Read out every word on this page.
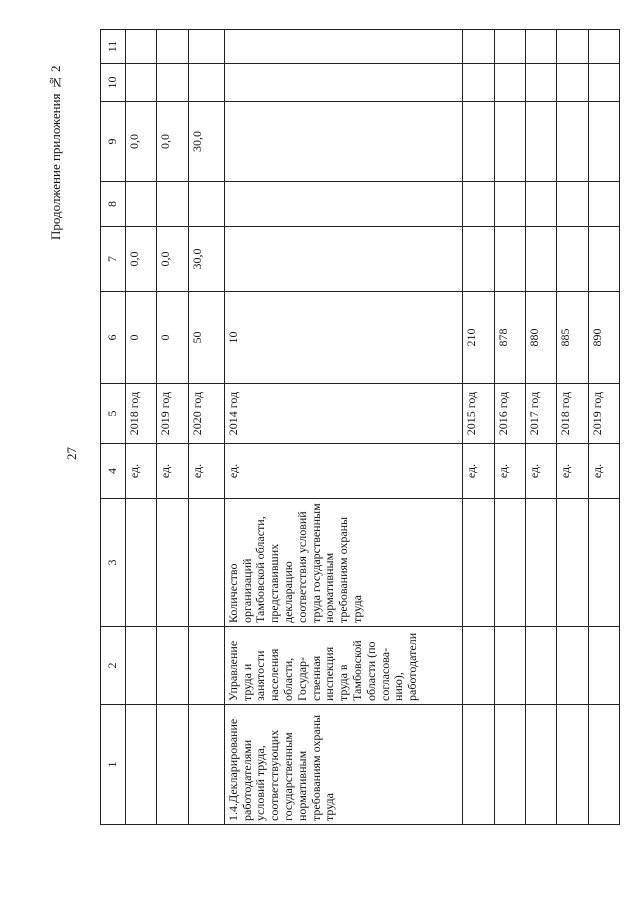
27
Продолжение приложения № 2
1	2	3	4	5	6	7	8	9	10	11
			ед.	2018 год	0	0,0		0,0		
			ед.	2019 год	0	0,0		0,0		
			ед.	2020 год	50	30,0		30,0		
1.4.Декларирование работодателями условий труда, соответствующих государственным нормативным требованиям охраны труда	Управление труда и занятости населения области, Государ-ственная инспекция труда в Тамбовской области (по согласова-нию), работодатели	Количество организаций Тамбовской области, представивших декларацию соответствия условий труда государственным нормативным требованиям охраны труда	ед.	2014 год	10					
			ед.	2015 год	210					
			ед.	2016 год	878					
			ед.	2017 год	880					
			ед.	2018 год	885					
			ед.	2019 год	890					
